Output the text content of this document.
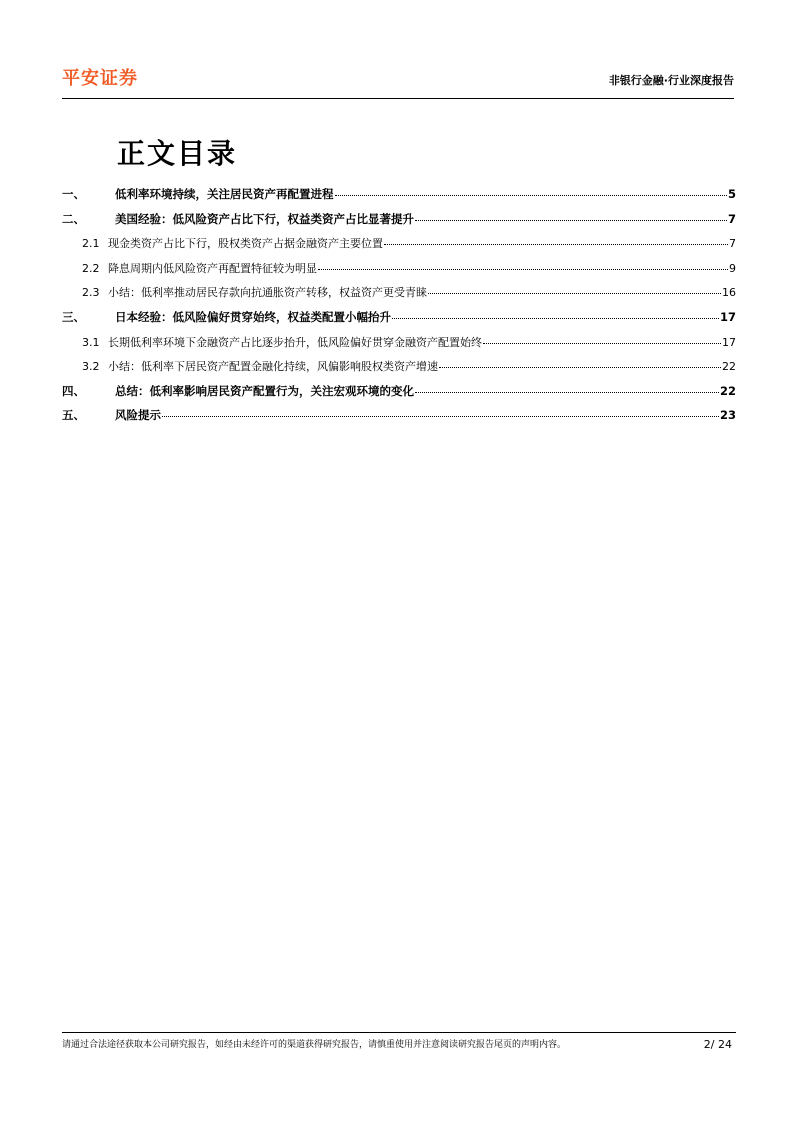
平安证券	非银行金融·行业深度报告
正文目录
一、	低利率环境持续，关注居民资产再配置进程	5
二、	美国经验：低风险资产占比下行，权益类资产占比显著提升	7
2.1 现金类资产占比下行，股权类资产占据金融资产主要位置	7
2.2 降息周期内低风险资产再配置特征较为明显	9
2.3 小结：低利率推动居民存款向抗通胀资产转移，权益资产更受青睐	16
三、	日本经验：低风险偏好贯穿始终，权益类配置小幅抬升	17
3.1 长期低利率环境下金融资产占比逐步抬升，低风险偏好贯穿金融资产配置始终	17
3.2 小结：低利率下居民资产配置金融化持续，风偏影响股权类资产增速	22
四、	总结：低利率影响居民资产配置行为，关注宏观环境的变化	22
五、	风险提示	23
请通过合法途径获取本公司研究报告，如经由未经许可的渠道获得研究报告，请慎重使用并注意阅读研究报告尾页的声明内容。	2/ 24
